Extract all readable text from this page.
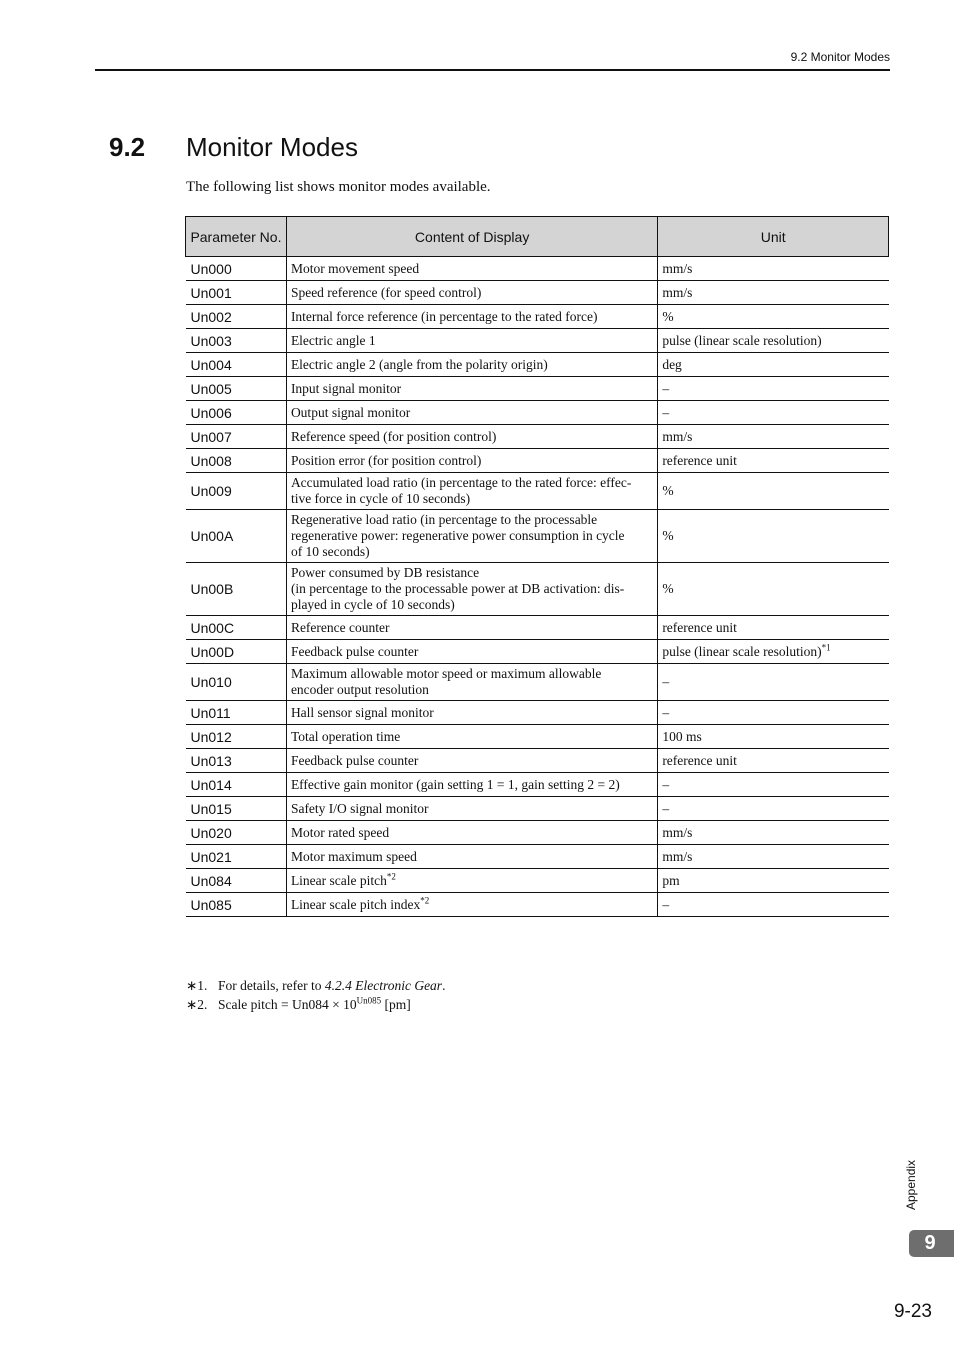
9.2 Monitor Modes
9.2 Monitor Modes
The following list shows monitor modes available.
Parameter No.	Content of Display	Unit
Un000	Motor movement speed	mm/s
Un001	Speed reference (for speed control)	mm/s
Un002	Internal force reference (in percentage to the rated force)	%
Un003	Electric angle 1	pulse (linear scale resolution)
Un004	Electric angle 2 (angle from the polarity origin)	deg
Un005	Input signal monitor	–
Un006	Output signal monitor	–
Un007	Reference speed (for position control)	mm/s
Un008	Position error (for position control)	reference unit
Un009	Accumulated load ratio (in percentage to the rated force: effec-
tive force in cycle of 10 seconds)	%
Un00A	Regenerative load ratio (in percentage to the processable
regenerative power: regenerative power consumption in cycle
of 10 seconds)	%
Un00B	Power consumed by DB resistance
(in percentage to the processable power at DB activation: dis-
played in cycle of 10 seconds)	%
Un00C	Reference counter	reference unit
Un00D	Feedback pulse counter	pulse (linear scale resolution)$^{*1}$
Un010	Maximum allowable motor speed or maximum allowable
encoder output resolution	–
Un011	Hall sensor signal monitor	–
Un012	Total operation time	100 ms
Un013	Feedback pulse counter	reference unit
Un014	Effective gain monitor (gain setting 1 = 1, gain setting 2 = 2)	–
Un015	Safety I/O signal monitor	–
Un020	Motor rated speed	mm/s
Un021	Motor maximum speed	mm/s
Un084	Linear scale pitch$^{*2}$	pm
Un085	Linear scale pitch index$^{*2}$	–
∗1. For details, refer to 4.2.4 Electronic Gear.
∗2. Scale pitch = $Un084 \times 10^{Un085}$ [pm]
Appendix
9
9-23
